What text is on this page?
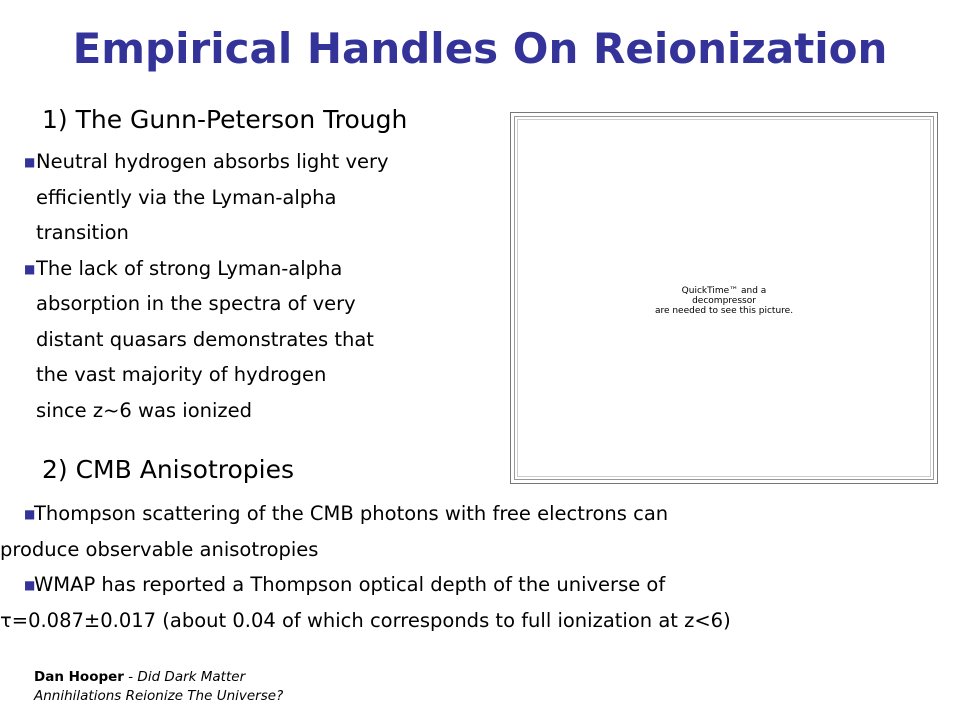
Empirical Handles On Reionization
1) The Gunn-Peterson Trough
■Neutral hydrogen absorbs light very
efficiently via the Lyman-alpha
transition
■The lack of strong Lyman-alpha
absorption in the spectra of very
distant quasars demonstrates that
the vast majority of hydrogen
since z~6 was ionized
QuickTime™ and a
decompressor
are needed to see this picture.
2) CMB Anisotropies
■Thompson scattering of the CMB photons with free electrons can
produce observable anisotropies
■WMAP has reported a Thompson optical depth of the universe of
τ=0.087±0.017 (about 0.04 of which corresponds to full ionization at z<6)
Dan Hooper - Did Dark Matter
Annihilations Reionize The Universe?
